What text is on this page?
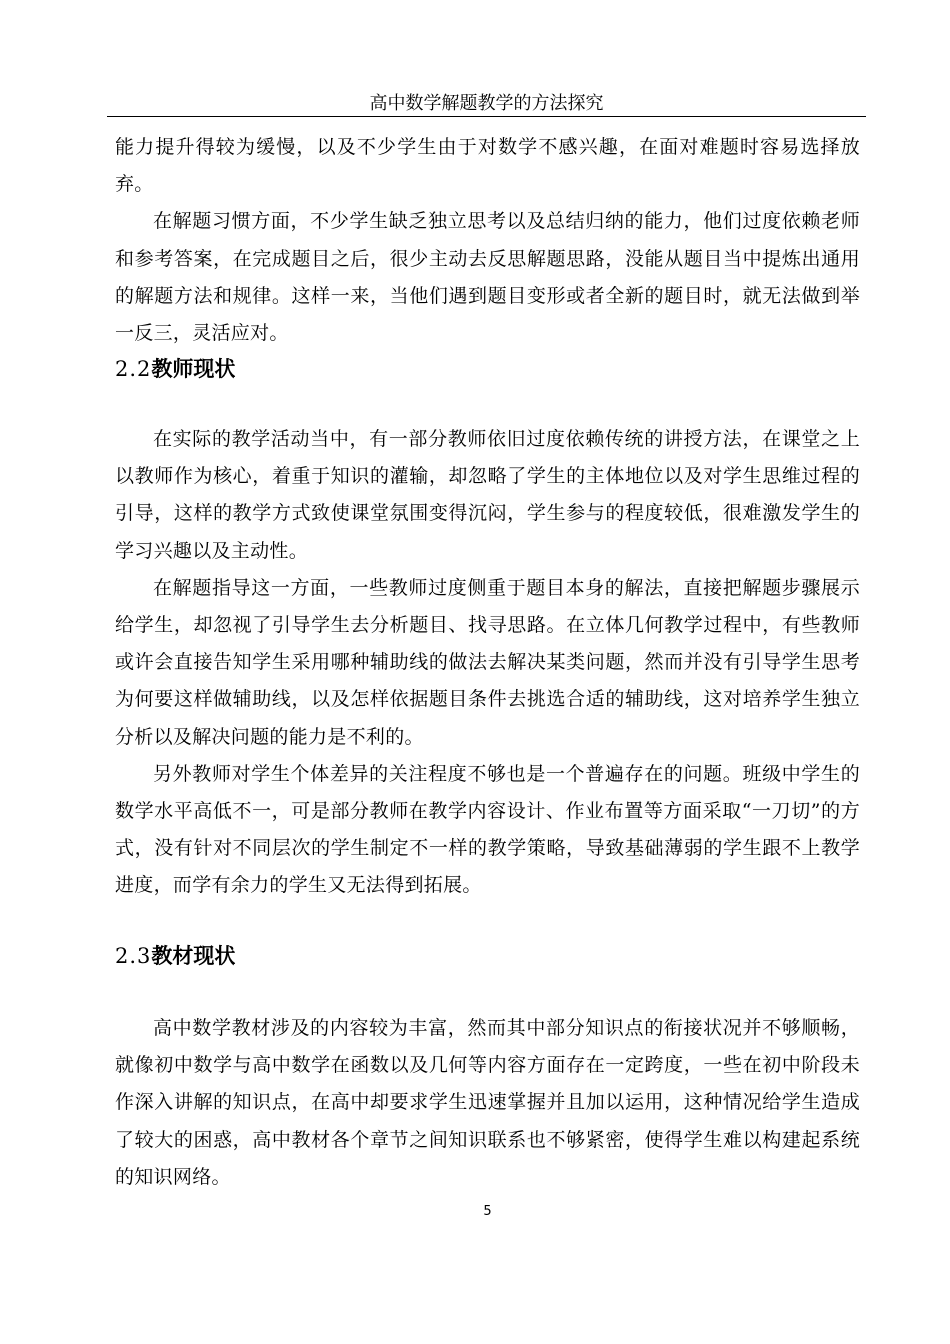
高中数学解题教学的方法探究

能力提升得较为缓慢，以及不少学生由于对数学不感兴趣，在面对难题时容易选择放弃。

在解题习惯方面，不少学生缺乏独立思考以及总结归纳的能力，他们过度依赖老师和参考答案，在完成题目之后，很少主动去反思解题思路，没能从题目当中提炼出通用的解题方法和规律。这样一来，当他们遇到题目变形或者全新的题目时，就无法做到举一反三，灵活应对。

2.2教师现状

在实际的教学活动当中，有一部分教师依旧过度依赖传统的讲授方法，在课堂之上以教师作为核心，着重于知识的灌输，却忽略了学生的主体地位以及对学生思维过程的引导，这样的教学方式致使课堂氛围变得沉闷，学生参与的程度较低，很难激发学生的学习兴趣以及主动性。

在解题指导这一方面，一些教师过度侧重于题目本身的解法，直接把解题步骤展示给学生，却忽视了引导学生去分析题目、找寻思路。在立体几何教学过程中，有些教师或许会直接告知学生采用哪种辅助线的做法去解决某类问题，然而并没有引导学生思考为何要这样做辅助线，以及怎样依据题目条件去挑选合适的辅助线，这对培养学生独立分析以及解决问题的能力是不利的。

另外教师对学生个体差异的关注程度不够也是一个普遍存在的问题。班级中学生的数学水平高低不一，可是部分教师在教学内容设计、作业布置等方面采取“一刀切”的方式，没有针对不同层次的学生制定不一样的教学策略，导致基础薄弱的学生跟不上教学进度，而学有余力的学生又无法得到拓展。

2.3教材现状

高中数学教材涉及的内容较为丰富，然而其中部分知识点的衔接状况并不够顺畅，就像初中数学与高中数学在函数以及几何等内容方面存在一定跨度，一些在初中阶段未作深入讲解的知识点，在高中却要求学生迅速掌握并且加以运用，这种情况给学生造成了较大的困惑，高中教材各个章节之间知识联系也不够紧密，使得学生难以构建起系统的知识网络。

5
